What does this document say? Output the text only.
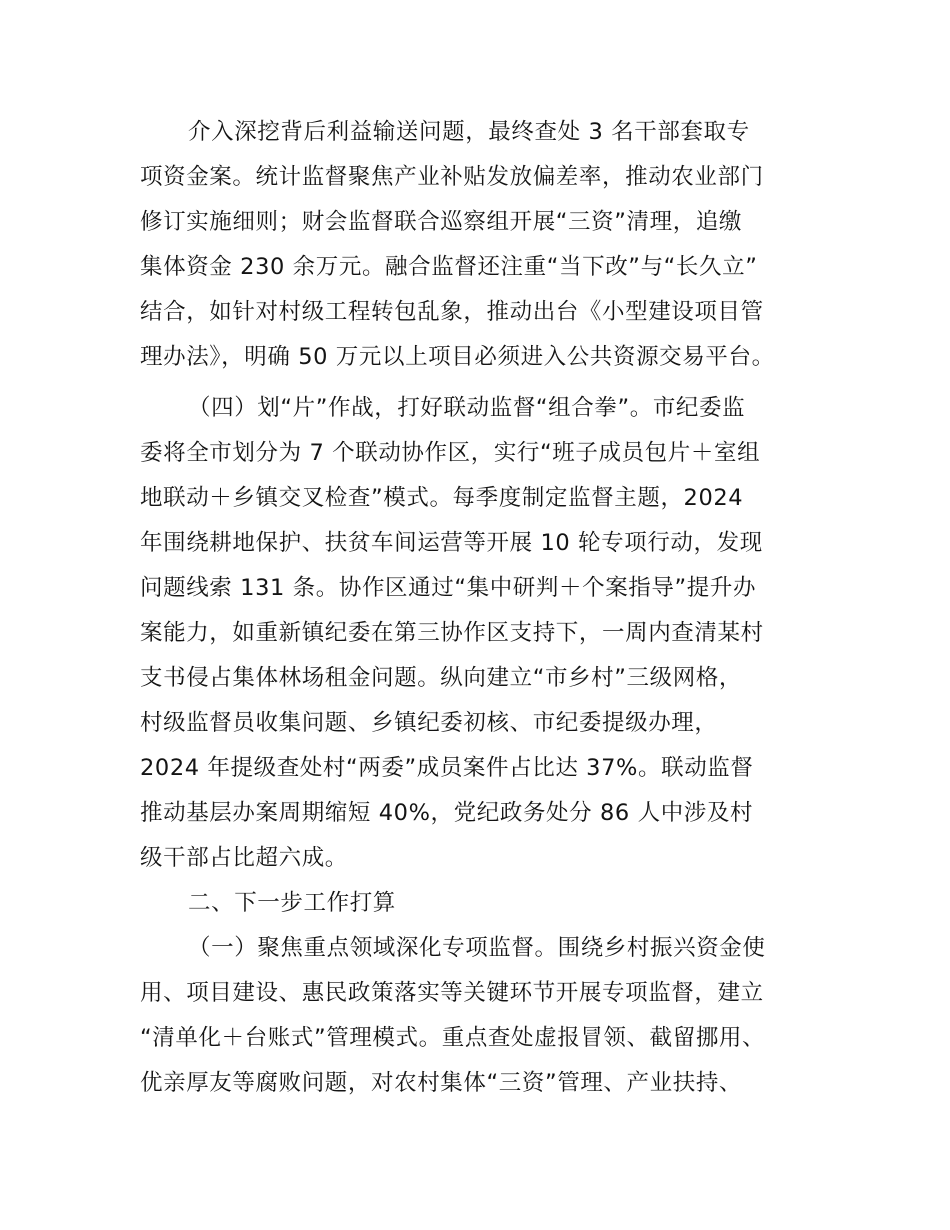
介入深挖背后利益输送问题，最终查处 3 名干部套取专
项资金案。统计监督聚焦产业补贴发放偏差率，推动农业部门
修订实施细则；财会监督联合巡察组开展“三资”清理，追缴
集体资金 230 余万元。融合监督还注重“当下改”与“长久立”
结合，如针对村级工程转包乱象，推动出台《小型建设项目管
理办法》，明确 50 万元以上项目必须进入公共资源交易平台。
（四）划“片”作战，打好联动监督“组合拳”。市纪委监
委将全市划分为 7 个联动协作区，实行“班子成员包片＋室组
地联动＋乡镇交叉检查”模式。每季度制定监督主题，2024
年围绕耕地保护、扶贫车间运营等开展 10 轮专项行动，发现
问题线索 131 条。协作区通过“集中研判＋个案指导”提升办
案能力，如重新镇纪委在第三协作区支持下，一周内查清某村
支书侵占集体林场租金问题。纵向建立“市乡村”三级网格，
村级监督员收集问题、乡镇纪委初核、市纪委提级办理，
2024 年提级查处村“两委”成员案件占比达 37%。联动监督
推动基层办案周期缩短 40%，党纪政务处分 86 人中涉及村
级干部占比超六成。
二、下一步工作打算
（一）聚焦重点领域深化专项监督。围绕乡村振兴资金使
用、项目建设、惠民政策落实等关键环节开展专项监督，建立
“清单化＋台账式”管理模式。重点查处虚报冒领、截留挪用、
优亲厚友等腐败问题，对农村集体“三资”管理、产业扶持、
